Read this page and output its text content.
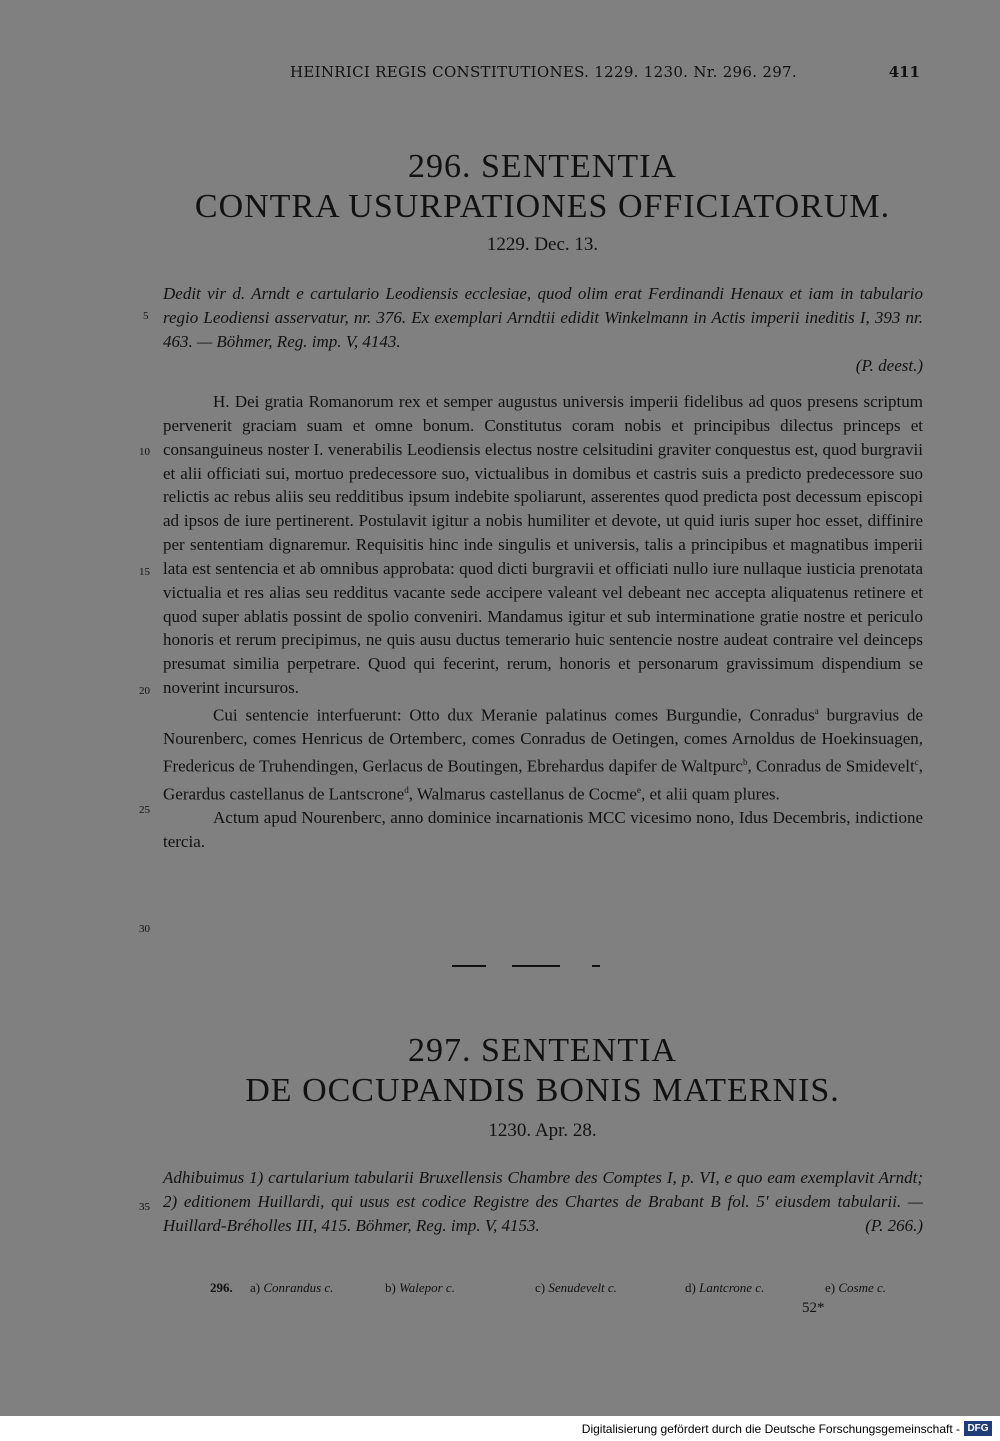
HEINRICI REGIS CONSTITUTIONES. 1229. 1230. Nr. 296. 297.	411
296. SENTENTIA
CONTRA USURPATIONES OFFICIATORUM.
1229. Dec. 13.

Dedit vir d. Arndt e cartulario Leodiensis ecclesiae, quod olim erat Ferdinandi Henaux et iam in tabulario regio Leodiensi asservatur, nr. 376. Ex exemplari Arndtii edidit Winkelmann in Actis imperii ineditis I, 393 nr. 463. — Böhmer, Reg. imp. V, 4143.

(P. deest.)

H. Dei gratia Romanorum rex et semper augustus universis imperii fidelibus ad quos presens scriptum pervenerit graciam suam et omne bonum. Constitutus coram nobis et principibus dilectus princeps et consanguineus noster I. venerabilis Leodiensis electus nostre celsitudini graviter conquestus est, quod burgravii et alii officiati sui, mortuo predecessore suo, victualibus in domibus et castris suis a predicto predecessore suo relictis ac rebus aliis seu redditibus ipsum indebite spoliarunt, asserentes quod predicta post decessum episcopi ad ipsos de iure pertinerent. Postulavit igitur a nobis humiliter et devote, ut quid iuris super hoc esset, diffinire per sententiam dignaremur. Requisitis hinc inde singulis et universis, talis a principibus et magnatibus imperii lata est sentencia et ab omnibus approbata: quod dicti burgravii et officiati nullo iure nullaque iusticia prenotata victualia et res alias seu redditus vacante sede accipere valeant vel debeant nec accepta aliquatenus retinere et quod super ablatis possint de spolio conveniri. Mandamus igitur et sub interminatione gratie nostre et periculo honoris et rerum precipimus, ne quis ausu ductus temerario huic sentencie nostre audeat contraire vel deinceps presumat similia perpetrare. Quod qui fecerint, rerum, honoris et personarum gravissimum dispendium se noverint incursuros.

Cui sentencie interfuerunt: Otto dux Meranie palatinus comes Burgundie, Conradus$^a$ burgravius de Nourenberc, comes Henricus de Ortemberc, comes Conradus de Oetingen, comes Arnoldus de Hoekinsuagen, Fredericus de Truhendingen, Gerlacus de Boutingen, Ebrehardus dapifer de Waltpurc$^b$, Conradus de Smidevelt$^c$, Gerardus castellanus de Lantscrone$^d$, Walmarus castellanus de Cocme$^e$, et alii quam plures.

Actum apud Nourenberc, anno dominice incarnationis MCC vicesimo nono, Idus Decembris, indictione tercia.

5
10
15
20
25
30
35
297. SENTENTIA
DE OCCUPANDIS BONIS MATERNIS.
1230. Apr. 28.

Adhibuimus 1) cartularium tabularii Bruxellensis Chambre des Comptes I, p. VI, e quo eam exemplavit Arndt; 2) editionem Huillardi, qui usus est codice Registre des Chartes de Brabant B fol. 5' eiusdem tabularii. — Huillard-Bréholles III, 415. Böhmer, Reg. imp. V, 4153.	(P. 266.)
296. a) Conrandus c.	b) Walepor c.	c) Senudevelt c.	d) Lantcrone c.	e) Cosme c.
52*
Digitalisierung gefördert durch die Deutsche Forschungsgemeinschaft - DFG
